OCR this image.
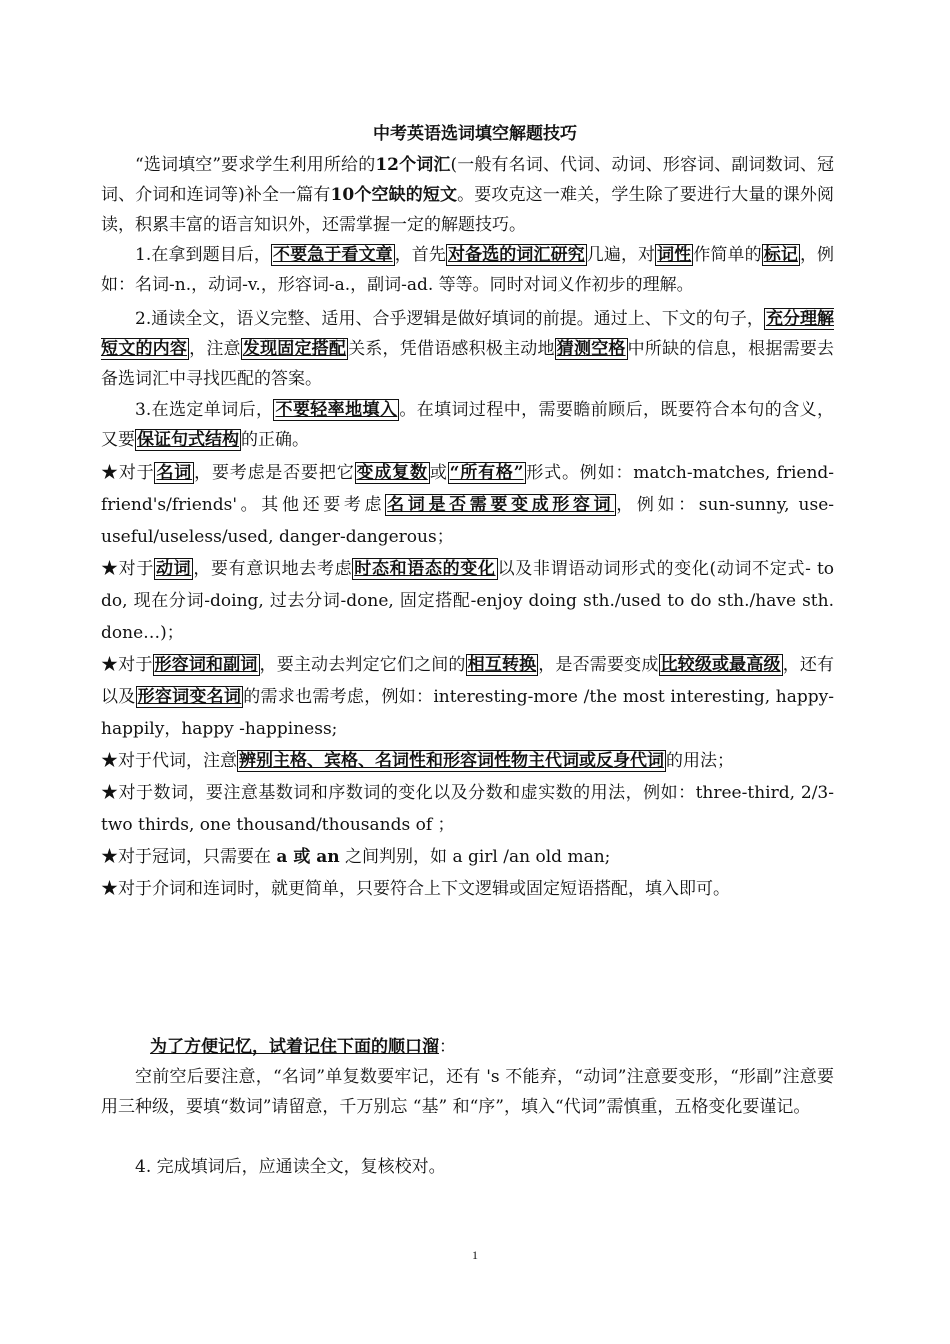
中考英语选词填空解题技巧
“选词填空”要求学生利用所给的12个词汇(一般有名词、代词、动词、形容词、副词数词、冠词、介词和连词等)补全一篇有10个空缺的短文。要攻克这一难关，学生除了要进行大量的课外阅读，积累丰富的语言知识外，还需掌握一定的解题技巧。
1.在拿到题目后， 不要急于看文章 ，首先 对备选的词汇研究 几遍，对 词性 作简单的 标记 ，例如：名词-n.，动词-v.，形容词-a.，副词-ad. 等等。同时对词义作初步的理解。
2.通读全文，语义完整、适用、合乎逻辑是做好填词的前提。通过上、下文的句子， 充分理解短文的内容 ，注意 发现固定搭配 关系，凭借语感积极主动地 猜测空格 中所缺的信息，根据需要去备选词汇中寻找匹配的答案。
3.在选定单词后， 不要轻率地填入 。在填词过程中，需要瞻前顾后，既要符合本句的含义，又要 保证句式结构 的正确。
★对于 名词 ，要考虑是否要把它 变成复数 或 “所有格” 形式。例如：match-matches, friend-friend's/friends'。其他还要考虑 名词是否需要变成形容词 ，例如：sun-sunny, use-useful/useless/used, danger-dangerous；
★对于 动词 ，要有意识地去考虑 时态和语态的变化 以及非谓语动词形式的变化(动词不定式- to do, 现在分词-doing, 过去分词-done, 固定搭配-enjoy doing sth./used to do sth./have sth. done…)；
★对于 形容词和副词 ，要主动去判定它们之间的 相互转换 ，是否需要变成 比较级或最高级 ，还有以及 形容词变名词 的需求也需考虑，例如：interesting-more /the most interesting, happy-happily，happy -happiness;
★对于代词，注意 辨别主格、宾格、名词性和形容词性物主代词或反身代词 的用法；
★对于数词，要注意基数词和序数词的变化以及分数和虚实数的用法，例如：three-third, 2/3-two thirds, one thousand/thousands of ；
★对于冠词，只需要在 a 或 an 之间判别，如 a girl /an old man;
★对于介词和连词时，就更简单，只要符合上下文逻辑或固定短语搭配，填入即可。
为了方便记忆，试着记住下面的顺口溜：
空前空后要注意，“名词”单复数要牢记，还有 's 不能弃，“动词”注意要变形，“形副”注意要用三种级，要填“数词”请留意，千万别忘 “基” 和“序”，填入“代词”需慎重，五格变化要谨记。
4. 完成填词后，应通读全文，复核校对。
1
